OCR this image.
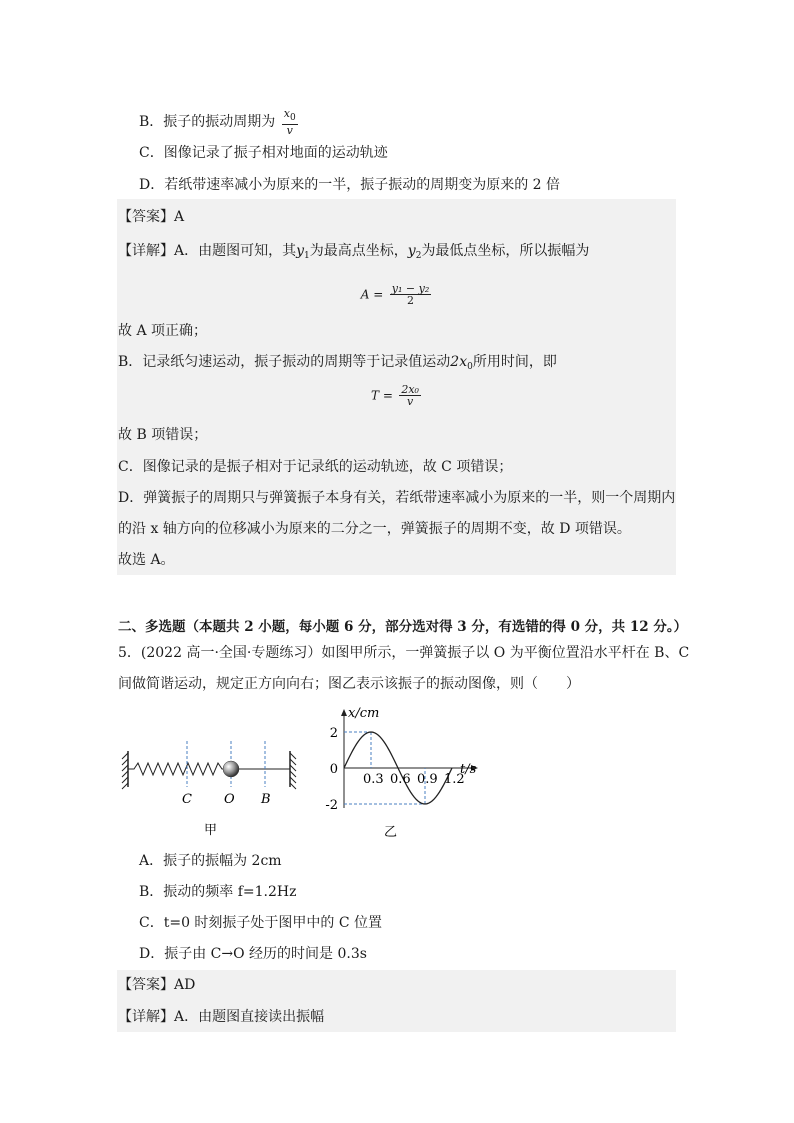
B．振子的振动周期为 $\frac{x_0}{v}$
C．图像记录了振子相对地面的运动轨迹
D．若纸带速率减小为原来的一半，振子振动的周期变为原来的 2 倍
【答案】A
【详解】A．由题图可知，其$y_1$为最高点坐标，$y_2$为最低点坐标，所以振幅为
$A = \frac{\text{y₁ − y₂}}{2}$
故 A 项正确；
B．记录纸匀速运动，振子振动的周期等于记录值运动$2x_0$所用时间，即
$T = \frac{\text{2x₀}}{v}$
故 B 项错误；
C．图像记录的是振子相对于记录纸的运动轨迹，故 C 项错误；
D．弹簧振子的周期只与弹簧振子本身有关，若纸带速率减小为原来的一半，则一个周期内
的沿 x 轴方向的位移减小为原来的二分之一，弹簧振子的周期不变，故 D 项错误。
故选 A。
二、多选题（本题共 2 小题，每小题 6 分，部分选对得 3 分，有选错的得 0 分，共 12 分。）
5．(2022 高一·全国·专题练习）如图甲所示，一弹簧振子以 O 为平衡位置沿水平杆在 B、C
间做简谐运动，规定正方向向右；图乙表示该振子的振动图像，则（　　）
C O B
甲
x/cm
t/s
0.3 0.6 0.9 1.2
2
0
-2
乙
A．振子的振幅为 2cm
B．振动的频率 f=1.2Hz
C．t=0 时刻振子处于图甲中的 C 位置
D．振子由 C→O 经历的时间是 0.3s
【答案】AD
【详解】A．由题图直接读出振幅
